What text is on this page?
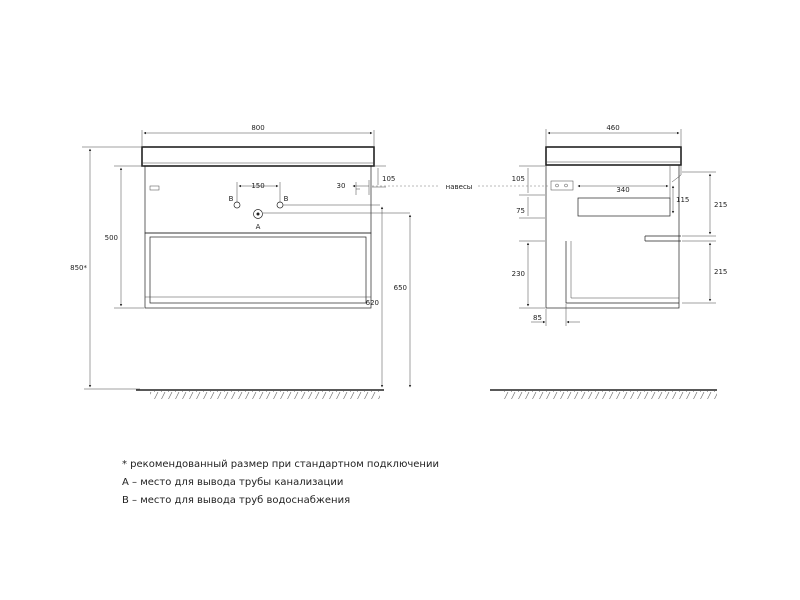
800
850*
500
150
B	B
A
30
105
620
650
340
115
460
105
75
230
215
215
85
навесы
* рекомендованный размер при стандартном подключении
А – место для вывода трубы канализации
В – место для вывода труб водоснабжения
